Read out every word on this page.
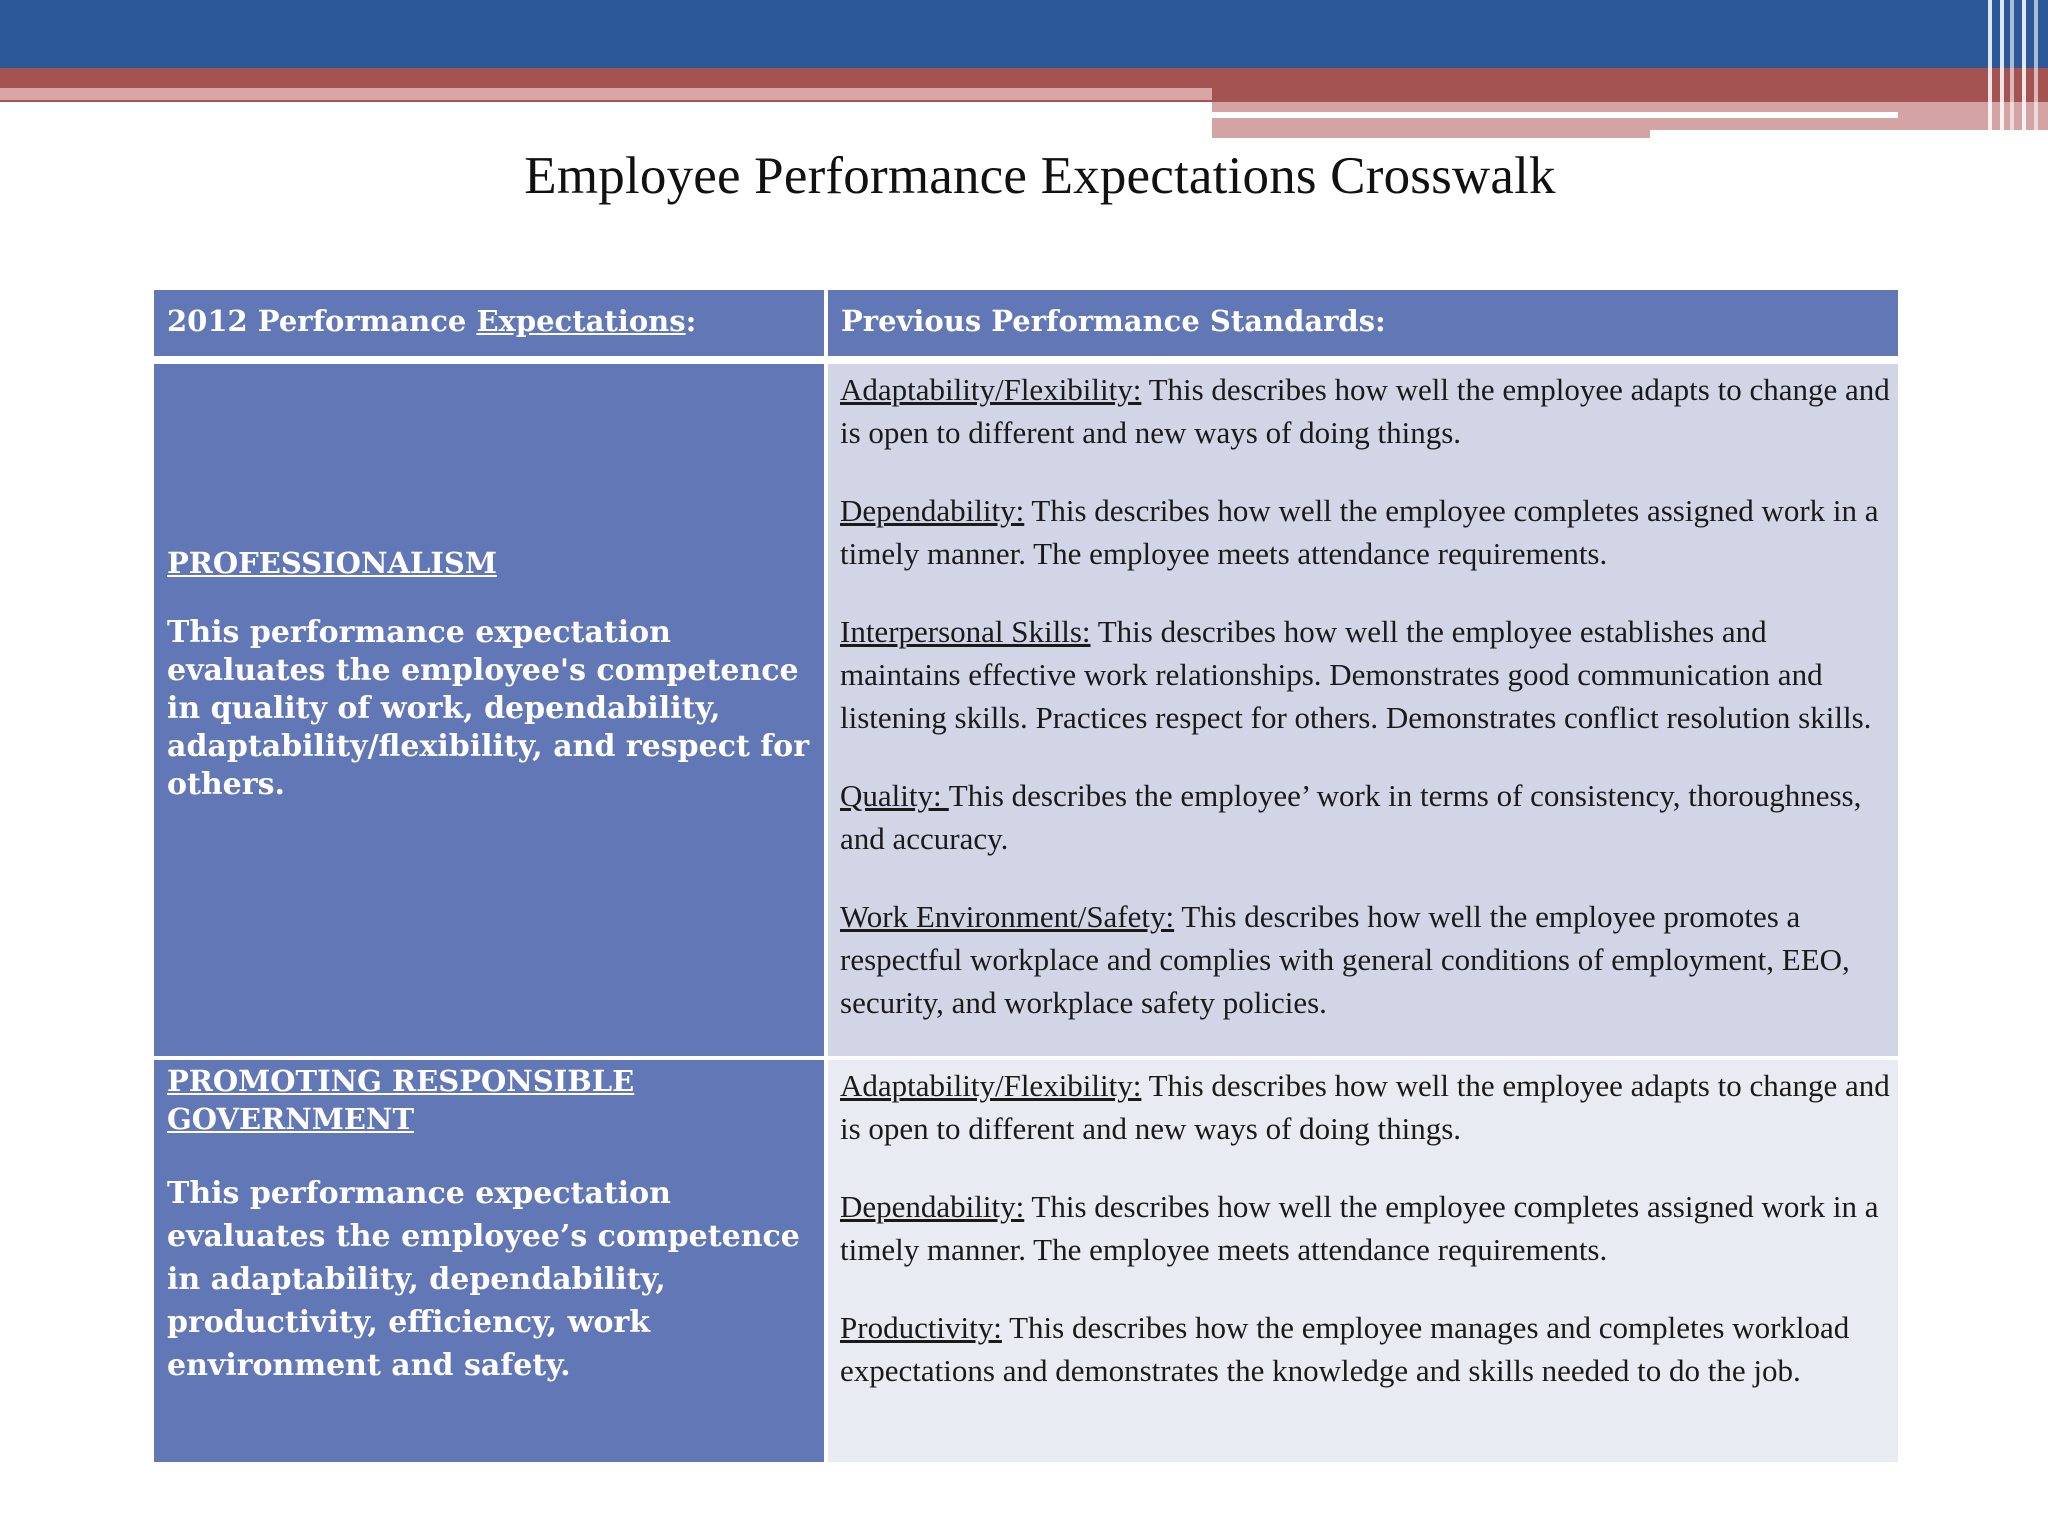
Employee Performance Expectations Crosswalk
2012 Performance Expectations:	Previous Performance Standards:
PROFESSIONALISM
This performance expectation evaluates the employee's competence in quality of work, dependability, adaptability/flexibility, and respect for others.

Adaptability/Flexibility: This describes how well the employee adapts to change and is open to different and new ways of doing things.

Dependability: This describes how well the employee completes assigned work in a timely manner. The employee meets attendance requirements.

Interpersonal Skills: This describes how well the employee establishes and maintains effective work relationships. Demonstrates good communication and listening skills. Practices respect for others. Demonstrates conflict resolution skills.

Quality: This describes the employee’ work in terms of consistency, thoroughness, and accuracy.

Work Environment/Safety: This describes how well the employee promotes a respectful workplace and complies with general conditions of employment, EEO, security, and workplace safety policies.

PROMOTING RESPONSIBLE GOVERNMENT
This performance expectation evaluates the employee’s competence in adaptability, dependability, productivity, efficiency, work environment and safety.

Adaptability/Flexibility: This describes how well the employee adapts to change and is open to different and new ways of doing things.

Dependability: This describes how well the employee completes assigned work in a timely manner. The employee meets attendance requirements.

Productivity: This describes how the employee manages and completes workload expectations and demonstrates the knowledge and skills needed to do the job.
